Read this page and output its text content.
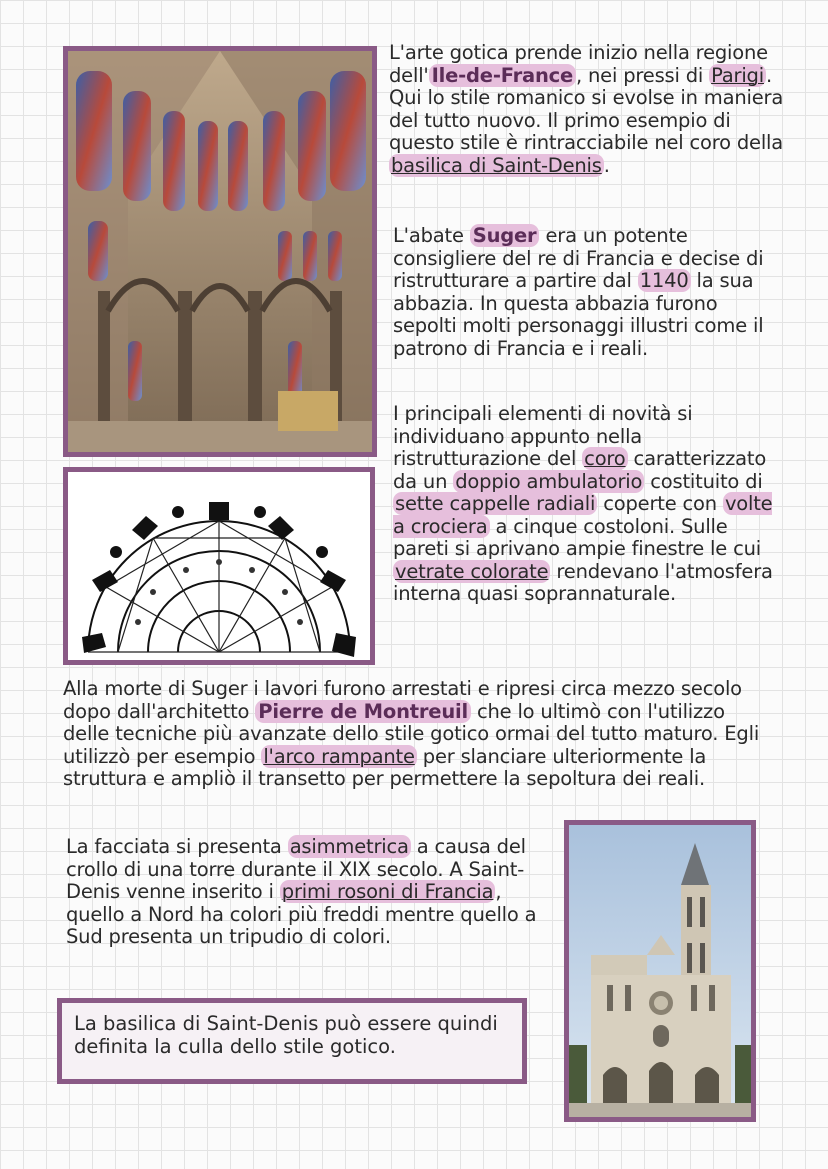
L'arte gotica prende inizio nella regione dell' Ile-de-France , nei pressi di Parigi . Qui lo stile romanico si evolse in maniera del tutto nuovo. Il primo esempio di questo stile è rintracciabile nel coro della basilica di Saint-Denis .

L'abate Suger era un potente consigliere del re di Francia e decise di ristrutturare a partire dal 1140 la sua abbazia. In questa abbazia furono sepolti molti personaggi illustri come il patrono di Francia e i reali.

I principali elementi di novità si individuano appunto nella ristrutturazione del coro caratterizzato da un doppio ambulatorio costituito di sette cappelle radiali coperte con volte a crociera a cinque costoloni. Sulle pareti si aprivano ampie finestre le cui vetrate colorate rendevano l'atmosfera interna quasi soprannaturale.

Alla morte di Suger i lavori furono arrestati e ripresi circa mezzo secolo dopo dall'architetto Pierre de Montreuil che lo ultimò con l'utilizzo delle tecniche più avanzate dello stile gotico ormai del tutto maturo. Egli utilizzò per esempio l'arco rampante per slanciare ulteriormente la struttura e ampliò il transetto per permettere la sepoltura dei reali.

La facciata si presenta asimmetrica a causa del crollo di una torre durante il XIX secolo. A Saint-Denis venne inserito i primi rosoni di Francia , quello a Nord ha colori più freddi mentre quello a Sud presenta un tripudio di colori.

La basilica di Saint-Denis può essere quindi definita la culla dello stile gotico.
